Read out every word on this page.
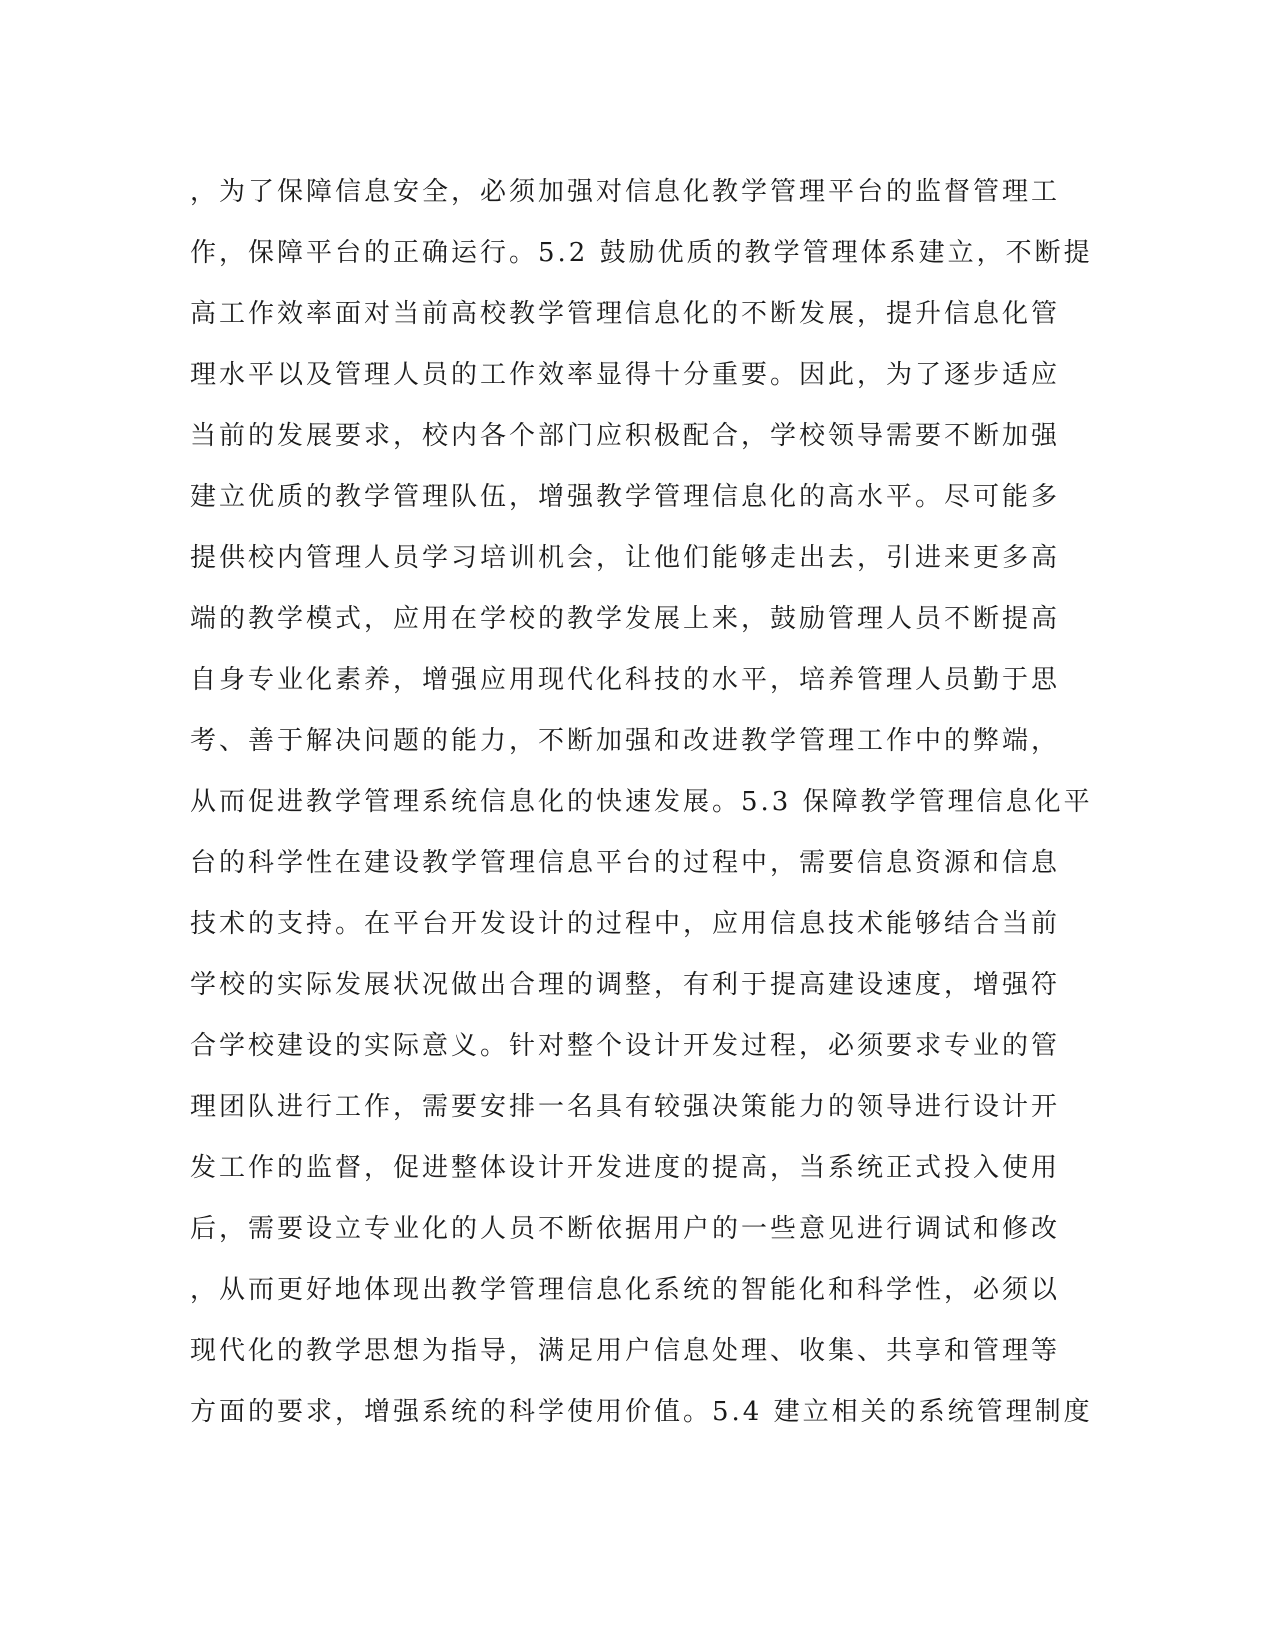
，为了保障信息安全，必须加强对信息化教学管理平台的监督管理工
作，保障平台的正确运行。5.2 鼓励优质的教学管理体系建立，不断提
高工作效率面对当前高校教学管理信息化的不断发展，提升信息化管
理水平以及管理人员的工作效率显得十分重要。因此，为了逐步适应
当前的发展要求，校内各个部门应积极配合，学校领导需要不断加强
建立优质的教学管理队伍，增强教学管理信息化的高水平。尽可能多
提供校内管理人员学习培训机会，让他们能够走出去，引进来更多高
端的教学模式，应用在学校的教学发展上来，鼓励管理人员不断提高
自身专业化素养，增强应用现代化科技的水平，培养管理人员勤于思
考、善于解决问题的能力，不断加强和改进教学管理工作中的弊端，
从而促进教学管理系统信息化的快速发展。5.3 保障教学管理信息化平
台的科学性在建设教学管理信息平台的过程中，需要信息资源和信息
技术的支持。在平台开发设计的过程中，应用信息技术能够结合当前
学校的实际发展状况做出合理的调整，有利于提高建设速度，增强符
合学校建设的实际意义。针对整个设计开发过程，必须要求专业的管
理团队进行工作，需要安排一名具有较强决策能力的领导进行设计开
发工作的监督，促进整体设计开发进度的提高，当系统正式投入使用
后，需要设立专业化的人员不断依据用户的一些意见进行调试和修改
，从而更好地体现出教学管理信息化系统的智能化和科学性，必须以
现代化的教学思想为指导，满足用户信息处理、收集、共享和管理等
方面的要求，增强系统的科学使用价值。5.4 建立相关的系统管理制度
